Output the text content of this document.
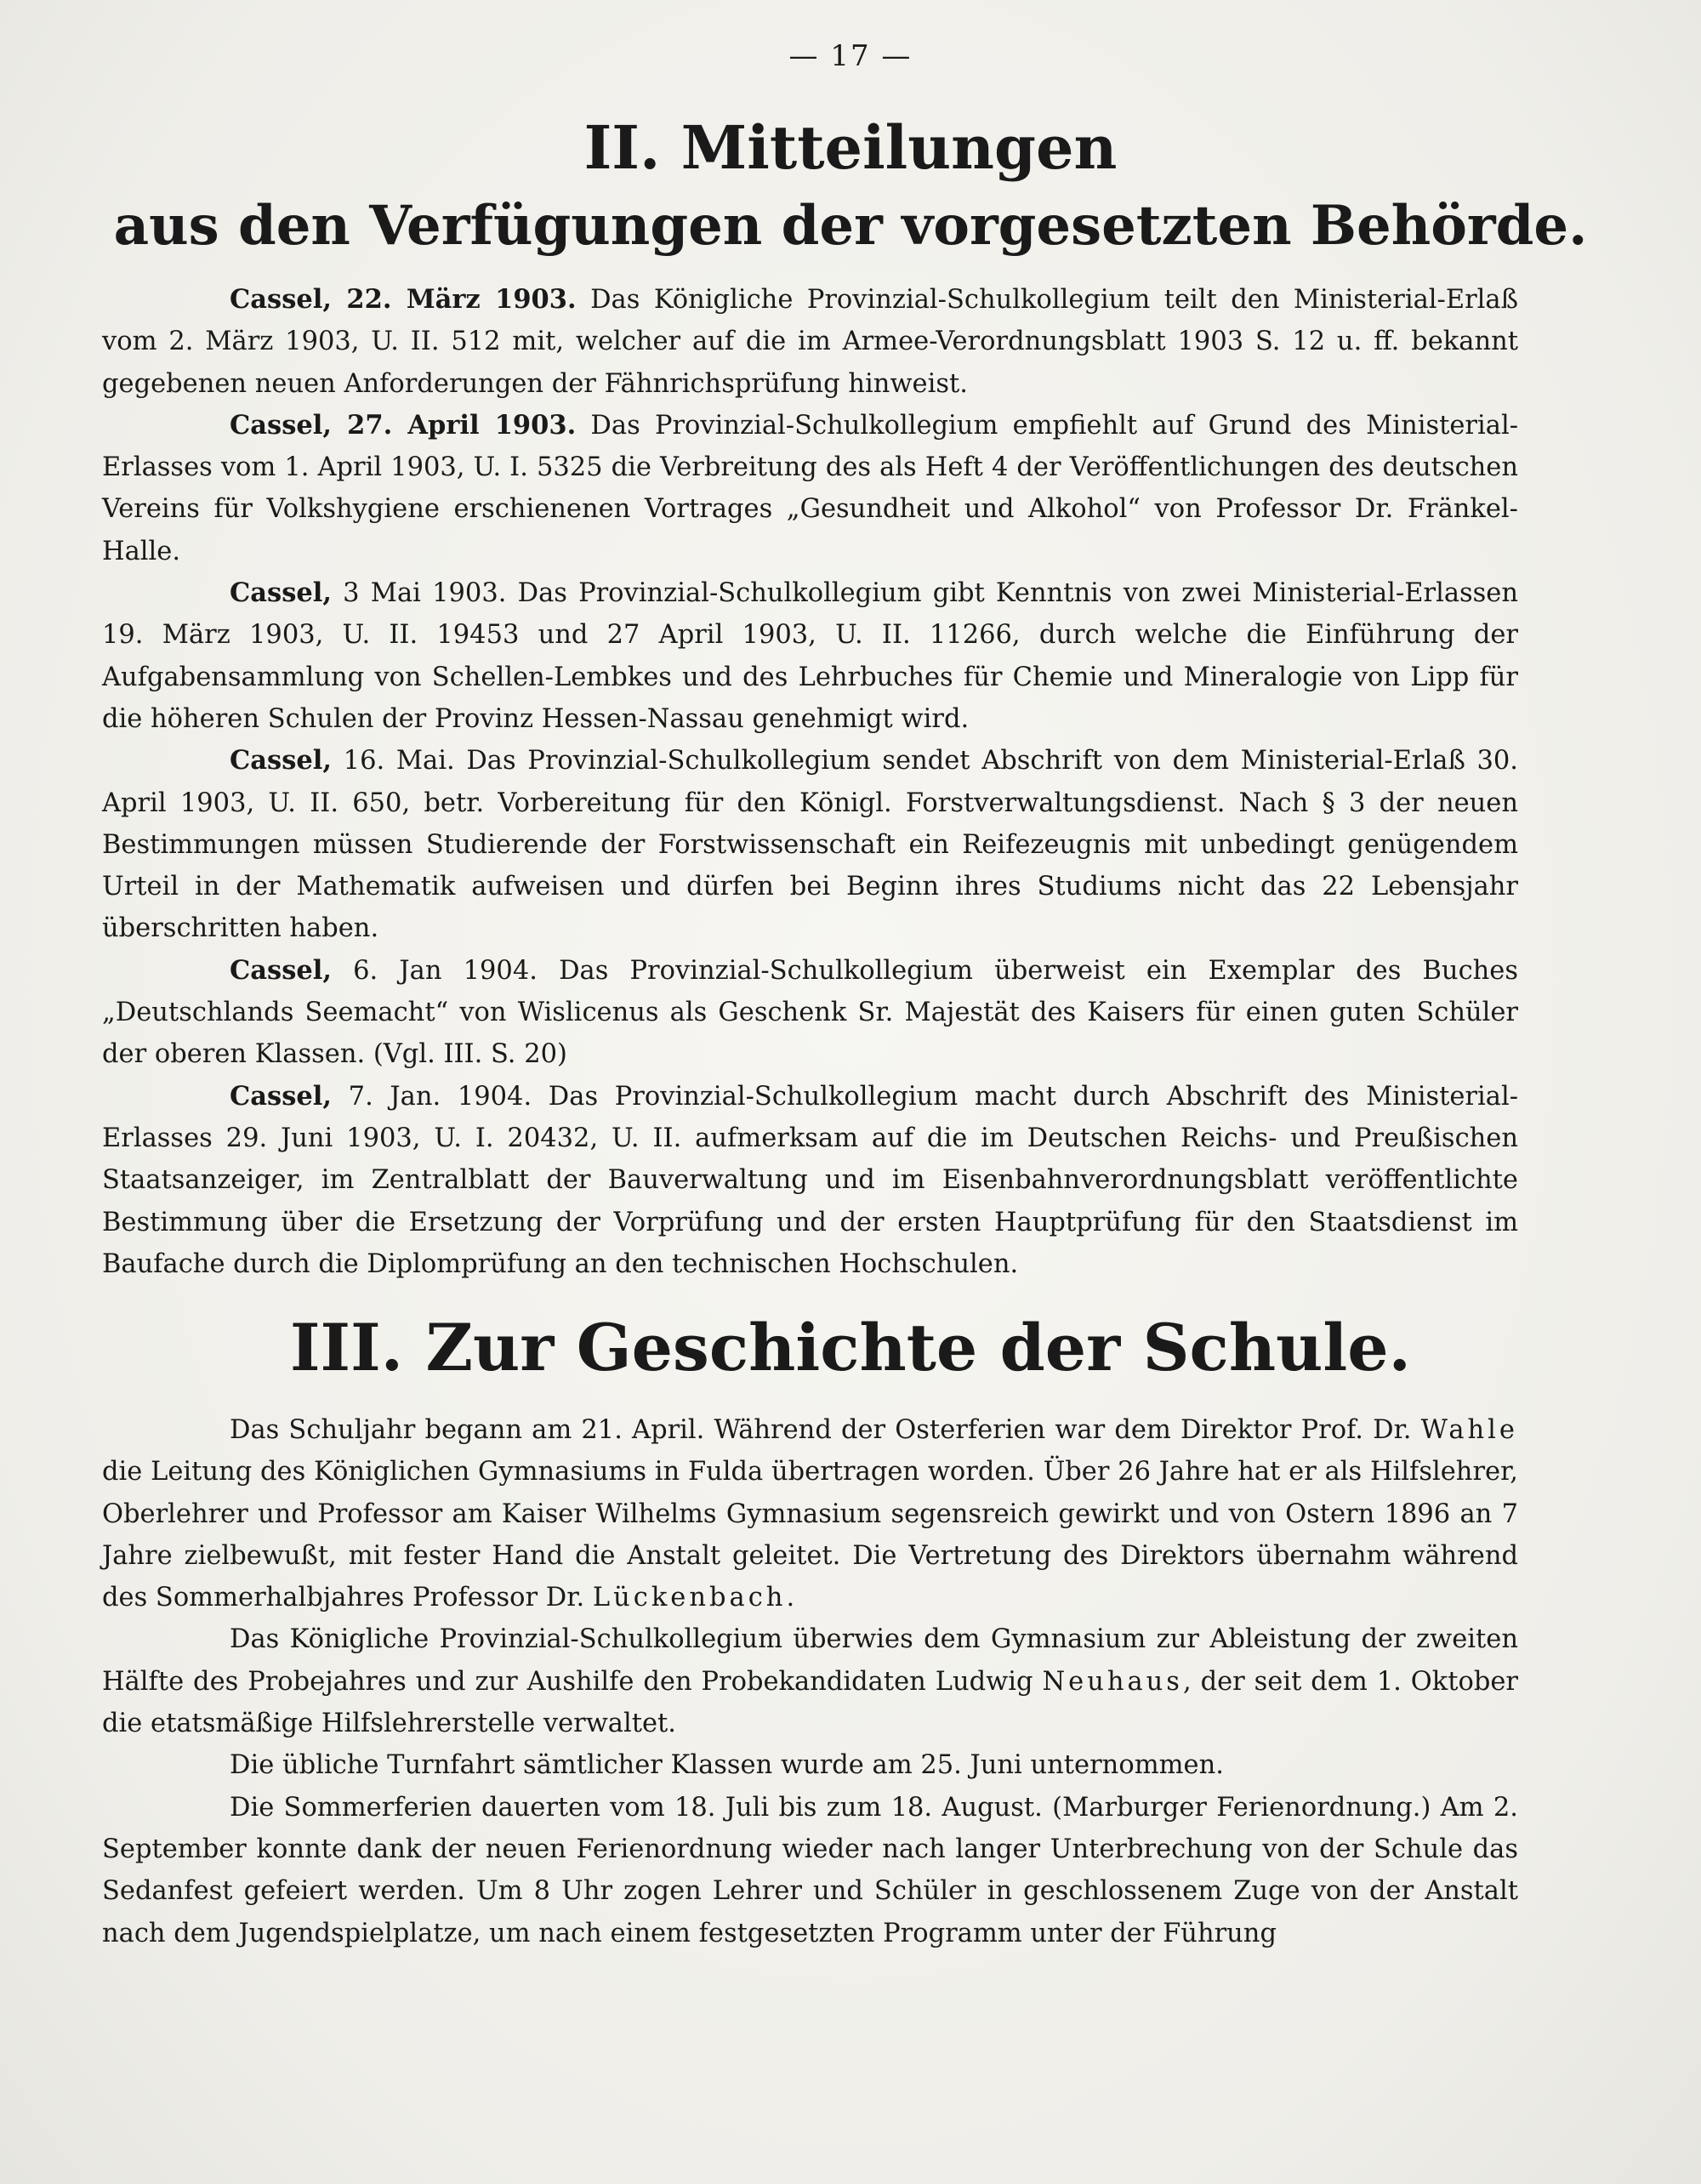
— 17 —
II. Mitteilungen
aus den Verfügungen der vorgesetzten Behörde.

Cassel, 22. März 1903. Das Königliche Provinzial-Schulkollegium teilt den Ministerial-Erlaß vom 2. März 1903, U. II. 512 mit, welcher auf die im Armee-Verordnungsblatt 1903 S. 12 u. ff. bekannt gegebenen neuen Anforderungen der Fähnrichsprüfung hinweist.

Cassel, 27. April 1903. Das Provinzial-Schulkollegium empfiehlt auf Grund des Ministerial-Erlasses vom 1. April 1903, U. I. 5325 die Verbreitung des als Heft 4 der Veröffentlichungen des deutschen Vereins für Volkshygiene erschienenen Vortrages „Gesundheit und Alkohol“ von Professor Dr. Fränkel-Halle.

Cassel, 3 Mai 1903. Das Provinzial-Schulkollegium gibt Kenntnis von zwei Ministerial-Erlassen 19. März 1903, U. II. 19453 und 27 April 1903, U. II. 11266, durch welche die Einführung der Aufgabensammlung von Schellen-Lembkes und des Lehrbuches für Chemie und Mineralogie von Lipp für die höheren Schulen der Provinz Hessen-Nassau genehmigt wird.

Cassel, 16. Mai. Das Provinzial-Schulkollegium sendet Abschrift von dem Ministerial-Erlaß 30. April 1903, U. II. 650, betr. Vorbereitung für den Königl. Forstverwaltungsdienst. Nach § 3 der neuen Bestimmungen müssen Studierende der Forstwissenschaft ein Reifezeugnis mit unbedingt genügendem Urteil in der Mathematik aufweisen und dürfen bei Beginn ihres Studiums nicht das 22 Lebensjahr überschritten haben.

Cassel, 6. Jan 1904. Das Provinzial-Schulkollegium überweist ein Exemplar des Buches „Deutschlands Seemacht“ von Wislicenus als Geschenk Sr. Majestät des Kaisers für einen guten Schüler der oberen Klassen. (Vgl. III. S. 20)

Cassel, 7. Jan. 1904. Das Provinzial-Schulkollegium macht durch Abschrift des Ministerial-Erlasses 29. Juni 1903, U. I. 20432, U. II. aufmerksam auf die im Deutschen Reichs- und Preußischen Staatsanzeiger, im Zentralblatt der Bauverwaltung und im Eisenbahnverordnungsblatt veröffentlichte Bestimmung über die Ersetzung der Vorprüfung und der ersten Hauptprüfung für den Staatsdienst im Baufache durch die Diplomprüfung an den technischen Hochschulen.

III. Zur Geschichte der Schule.

Das Schuljahr begann am 21. April. Während der Osterferien war dem Direktor Prof. Dr. Wahle die Leitung des Königlichen Gymnasiums in Fulda übertragen worden. Über 26 Jahre hat er als Hilfslehrer, Oberlehrer und Professor am Kaiser Wilhelms Gymnasium segensreich gewirkt und von Ostern 1896 an 7 Jahre zielbewußt, mit fester Hand die Anstalt geleitet. Die Vertretung des Direktors übernahm während des Sommerhalbjahres Professor Dr. Lückenbach.

Das Königliche Provinzial-Schulkollegium überwies dem Gymnasium zur Ableistung der zweiten Hälfte des Probejahres und zur Aushilfe den Probekandidaten Ludwig Neuhaus, der seit dem 1. Oktober die etatsmäßige Hilfslehrerstelle verwaltet.

Die übliche Turnfahrt sämtlicher Klassen wurde am 25. Juni unternommen.

Die Sommerferien dauerten vom 18. Juli bis zum 18. August. (Marburger Ferienordnung.) Am 2. September konnte dank der neuen Ferienordnung wieder nach langer Unterbrechung von der Schule das Sedanfest gefeiert werden. Um 8 Uhr zogen Lehrer und Schüler in geschlossenem Zuge von der Anstalt nach dem Jugendspielplatze, um nach einem festgesetzten Programm unter der Führung
